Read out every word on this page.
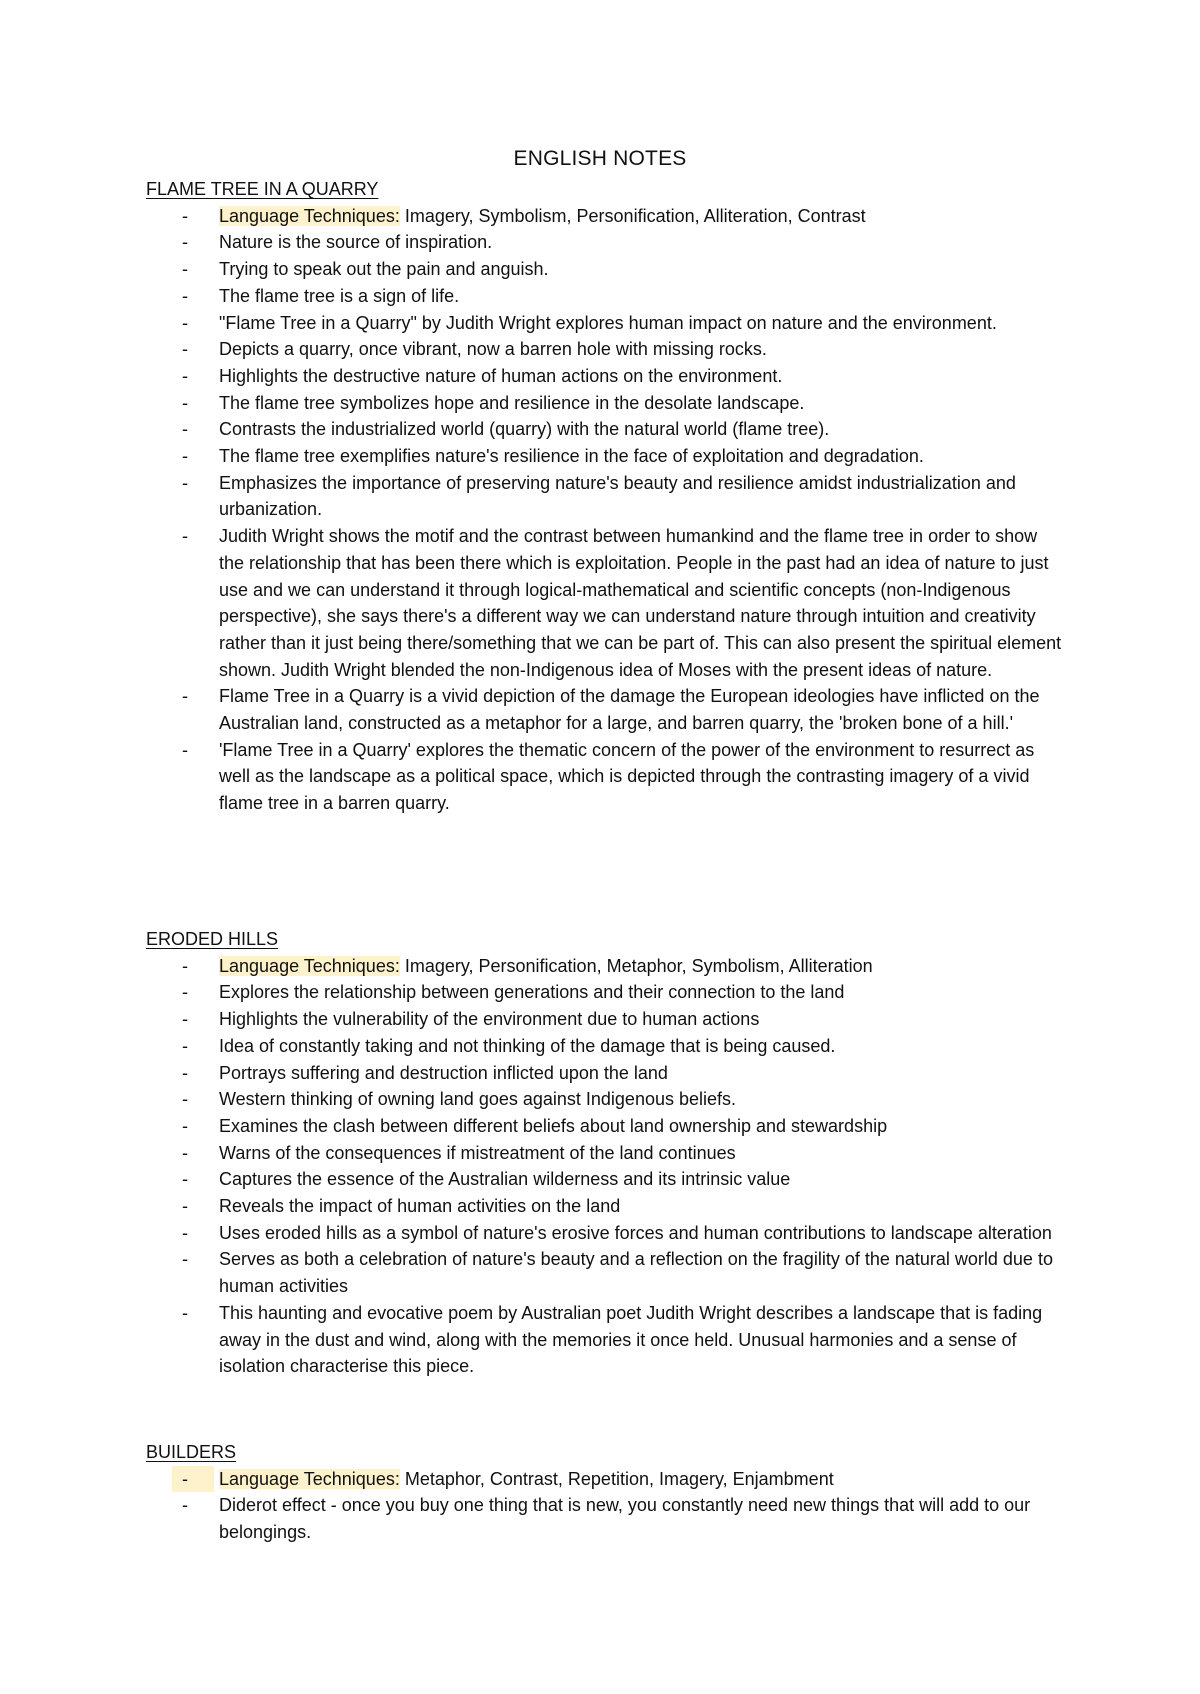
ENGLISH NOTES
FLAME TREE IN A QUARRY
-	Language Techniques: Imagery, Symbolism, Personification, Alliteration, Contrast
-	Nature is the source of inspiration.
-	Trying to speak out the pain and anguish.
-	The flame tree is a sign of life.
-	"Flame Tree in a Quarry" by Judith Wright explores human impact on nature and the environment.
-	Depicts a quarry, once vibrant, now a barren hole with missing rocks.
-	Highlights the destructive nature of human actions on the environment.
-	The flame tree symbolizes hope and resilience in the desolate landscape.
-	Contrasts the industrialized world (quarry) with the natural world (flame tree).
-	The flame tree exemplifies nature's resilience in the face of exploitation and degradation.
-	Emphasizes the importance of preserving nature's beauty and resilience amidst industrialization and urbanization.
-	Judith Wright shows the motif and the contrast between humankind and the flame tree in order to show the relationship that has been there which is exploitation. People in the past had an idea of nature to just use and we can understand it through logical-mathematical and scientific concepts (non-Indigenous perspective), she says there's a different way we can understand nature through intuition and creativity rather than it just being there/something that we can be part of. This can also present the spiritual element shown. Judith Wright blended the non-Indigenous idea of Moses with the present ideas of nature.
-	Flame Tree in a Quarry is a vivid depiction of the damage the European ideologies have inflicted on the Australian land, constructed as a metaphor for a large, and barren quarry, the 'broken bone of a hill.'
-	'Flame Tree in a Quarry' explores the thematic concern of the power of the environment to resurrect as well as the landscape as a political space, which is depicted through the contrasting imagery of a vivid flame tree in a barren quarry.
ERODED HILLS
-	Language Techniques: Imagery, Personification, Metaphor, Symbolism, Alliteration
-	Explores the relationship between generations and their connection to the land
-	Highlights the vulnerability of the environment due to human actions
-	Idea of constantly taking and not thinking of the damage that is being caused.
-	Portrays suffering and destruction inflicted upon the land
-	Western thinking of owning land goes against Indigenous beliefs.
-	Examines the clash between different beliefs about land ownership and stewardship
-	Warns of the consequences if mistreatment of the land continues
-	Captures the essence of the Australian wilderness and its intrinsic value
-	Reveals the impact of human activities on the land
-	Uses eroded hills as a symbol of nature's erosive forces and human contributions to landscape alteration
-	Serves as both a celebration of nature's beauty and a reflection on the fragility of the natural world due to human activities
-	This haunting and evocative poem by Australian poet Judith Wright describes a landscape that is fading away in the dust and wind, along with the memories it once held. Unusual harmonies and a sense of isolation characterise this piece.
BUILDERS
-	Language Techniques: Metaphor, Contrast, Repetition, Imagery, Enjambment
-	Diderot effect - once you buy one thing that is new, you constantly need new things that will add to our belongings.
